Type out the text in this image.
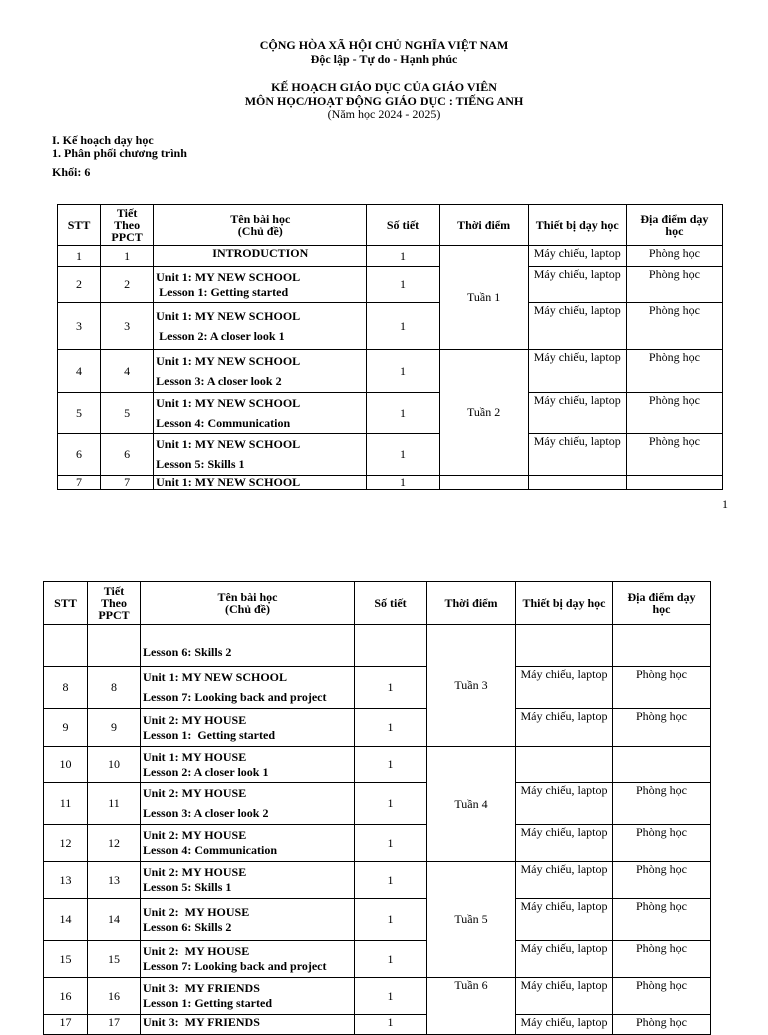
CỘNG HÒA XÃ HỘI CHỦ NGHĨA VIỆT NAM
Độc lập - Tự do - Hạnh phúc
KẾ HOẠCH GIÁO DỤC CỦA GIÁO VIÊN
MÔN HỌC/HOẠT ĐỘNG GIÁO DỤC : TIẾNG ANH
(Năm học 2024 - 2025)
I. Kế hoạch dạy học
1. Phân phối chương trình
Khối: 6
STT	Tiết
Theo
PPCT	Tên bài học
(Chủ đề)	Số tiết	Thời điểm	Thiết bị dạy học	Địa điểm dạy
học
1	1	INTRODUCTION	1	Tuần 1	Máy chiếu, laptop	Phòng học
2	2	Unit 1: MY NEW SCHOOL
Lesson 1: Getting started	1		Máy chiếu, laptop	Phòng học
3	3	Unit 1: MY NEW SCHOOL
Lesson 2: A closer look 1	1		Máy chiếu, laptop	Phòng học
4	4	Unit 1: MY NEW SCHOOL
Lesson 3: A closer look 2	1	Tuần 2	Máy chiếu, laptop	Phòng học
5	5	Unit 1: MY NEW SCHOOL
Lesson 4: Communication	1		Máy chiếu, laptop	Phòng học
6	6	Unit 1: MY NEW SCHOOL
Lesson 5: Skills 1	1		Máy chiếu, laptop	Phòng học
7	7	Unit 1: MY NEW SCHOOL	1			
1
STT	Tiết
Theo
PPCT	Tên bài học
(Chủ đề)	Số tiết	Thời điểm	Thiết bị dạy học	Địa điểm dạy
học
		Lesson 6: Skills 2		Tuần 3		
8	8	Unit 1: MY NEW SCHOOL
Lesson 7: Looking back and project	1		Máy chiếu, laptop	Phòng học
9	9	Unit 2: MY HOUSE
Lesson 1:  Getting started	1		Máy chiếu, laptop	Phòng học
10	10	Unit 1: MY HOUSE
Lesson 2: A closer look 1	1	Tuần 4		
11	11	Unit 2: MY HOUSE
Lesson 3: A closer look 2	1		Máy chiếu, laptop	Phòng học
12	12	Unit 2: MY HOUSE
Lesson 4: Communication	1		Máy chiếu, laptop	Phòng học
13	13	Unit 2: MY HOUSE
Lesson 5: Skills 1	1	Tuần 5	Máy chiếu, laptop	Phòng học
14	14	Unit 2:  MY HOUSE
Lesson 6: Skills 2	1		Máy chiếu, laptop	Phòng học
15	15	Unit 2:  MY HOUSE
Lesson 7: Looking back and project	1		Máy chiếu, laptop	Phòng học
16	16	Unit 3:  MY FRIENDS
Lesson 1: Getting started	1	Tuần 6	Máy chiếu, laptop	Phòng học
17	17	Unit 3:  MY FRIENDS	1		Máy chiếu, laptop	Phòng học
